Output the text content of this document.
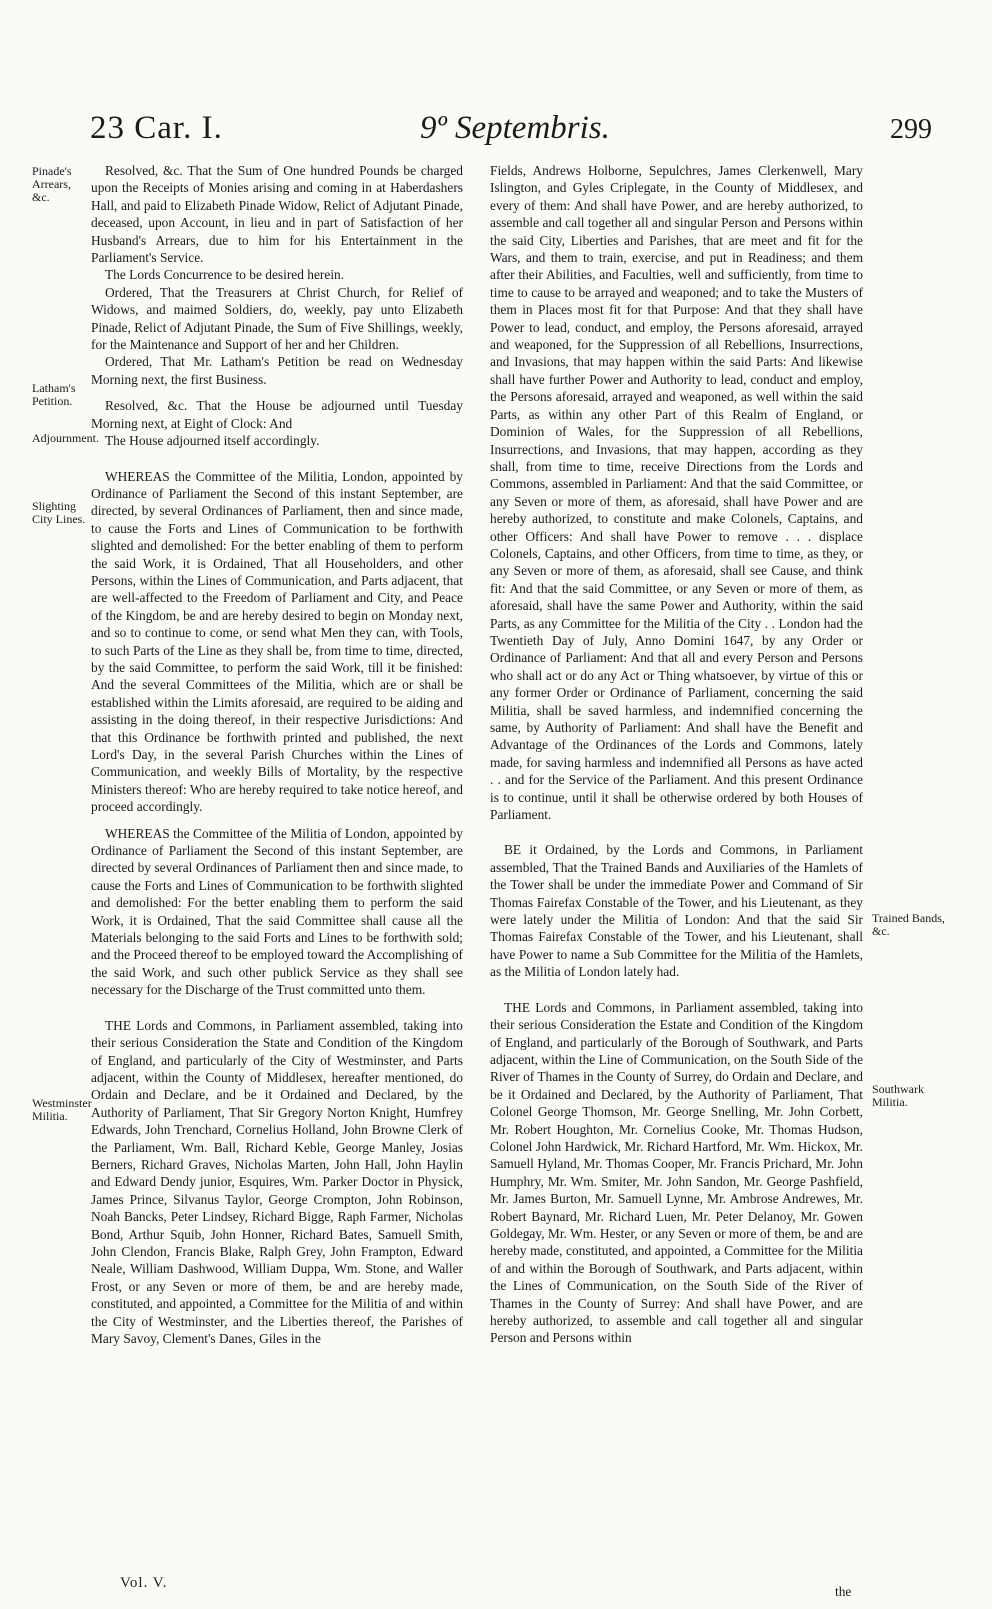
23 Car. I.	9º Septembris.	299
Pinade's Arrears, &c.
Latham's Petition.
Adjournment.
Slighting City Lines.
Westminster Militia.
Trained Bands, &c.
Southwark Militia.

Resolved, &c. That the Sum of One hundred Pounds be charged upon the Receipts of Monies arising and coming in at Haberdashers Hall, and paid to Elizabeth Pinade Widow, Relict of Adjutant Pinade, deceased, upon Account, in lieu and in part of Satisfaction of her Husband's Arrears, due to him for his Entertainment in the Parliament's Service.

The Lords Concurrence to be desired herein.

Ordered, That the Treasurers at Christ Church, for Relief of Widows, and maimed Soldiers, do, weekly, pay unto Elizabeth Pinade, Relict of Adjutant Pinade, the Sum of Five Shillings, weekly, for the Maintenance and Support of her and her Children.

Ordered, That Mr. Latham's Petition be read on Wednesday Morning next, the first Business.

Resolved, &c. That the House be adjourned until Tuesday Morning next, at Eight of Clock: And

The House adjourned itself accordingly.

WHEREAS the Committee of the Militia, London, appointed by Ordinance of Parliament the Second of this instant September, are directed, by several Ordinances of Parliament, then and since made, to cause the Forts and Lines of Communication to be forthwith slighted and demolished: For the better enabling of them to perform the said Work, it is Ordained, That all Householders, and other Persons, within the Lines of Communication, and Parts adjacent, that are well-affected to the Freedom of Parliament and City, and Peace of the Kingdom, be and are hereby desired to begin on Monday next, and so to continue to come, or send what Men they can, with Tools, to such Parts of the Line as they shall be, from time to time, directed, by the said Committee, to perform the said Work, till it be finished: And the several Committees of the Militia, which are or shall be established within the Limits aforesaid, are required to be aiding and assisting in the doing thereof, in their respective Jurisdictions: And that this Ordinance be forthwith printed and published, the next Lord's Day, in the several Parish Churches within the Lines of Communication, and weekly Bills of Mortality, by the respective Ministers thereof: Who are hereby required to take notice hereof, and proceed accordingly.

WHEREAS the Committee of the Militia of London, appointed by Ordinance of Parliament the Second of this instant September, are directed by several Ordinances of Parliament then and since made, to cause the Forts and Lines of Communication to be forthwith slighted and demolished: For the better enabling them to perform the said Work, it is Ordained, That the said Committee shall cause all the Materials belonging to the said Forts and Lines to be forthwith sold; and the Proceed thereof to be employed toward the Accomplishing of the said Work, and such other publick Service as they shall see necessary for the Discharge of the Trust committed unto them.

THE Lords and Commons, in Parliament assembled, taking into their serious Consideration the State and Condition of the Kingdom of England, and particularly of the City of Westminster, and Parts adjacent, within the County of Middlesex, hereafter mentioned, do Ordain and Declare, and be it Ordained and Declared, by the Authority of Parliament, That Sir Gregory Norton Knight, Humfrey Edwards, John Trenchard, Cornelius Holland, John Browne Clerk of the Parliament, Wm. Ball, Richard Keble, George Manley, Josias Berners, Richard Graves, Nicholas Marten, John Hall, John Haylin and Edward Dendy junior, Esquires, Wm. Parker Doctor in Physick, James Prince, Silvanus Taylor, George Crompton, John Robinson, Noah Bancks, Peter Lindsey, Richard Bigge, Raph Farmer, Nicholas Bond, Arthur Squib, John Honner, Richard Bates, Samuell Smith, John Clendon, Francis Blake, Ralph Grey, John Frampton, Edward Neale, William Dashwood, William Duppa, Wm. Stone, and Waller Frost, or any Seven or more of them, be and are hereby made, constituted, and appointed, a Committee for the Militia of and within the City of Westminster, and the Liberties thereof, the Parishes of Mary Savoy, Clement's Danes, Giles in the

Fields, Andrews Holborne, Sepulchres, James Clerkenwell, Mary Islington, and Gyles Criplegate, in the County of Middlesex, and every of them: And shall have Power, and are hereby authorized, to assemble and call together all and singular Person and Persons within the said City, Liberties and Parishes, that are meet and fit for the Wars, and them to train, exercise, and put in Readiness; and them after their Abilities, and Faculties, well and sufficiently, from time to time to cause to be arrayed and weaponed; and to take the Musters of them in Places most fit for that Purpose: And that they shall have Power to lead, conduct, and employ, the Persons aforesaid, arrayed and weaponed, for the Suppression of all Rebellions, Insurrections, and Invasions, that may happen within the said Parts: And likewise shall have further Power and Authority to lead, conduct and employ, the Persons aforesaid, arrayed and weaponed, as well within the said Parts, as within any other Part of this Realm of England, or Dominion of Wales, for the Suppression of all Rebellions, Insurrections, and Invasions, that may happen, according as they shall, from time to time, receive Directions from the Lords and Commons, assembled in Parliament: And that the said Committee, or any Seven or more of them, as aforesaid, shall have Power and are hereby authorized, to constitute and make Colonels, Captains, and other Officers: And shall have Power to remove . . . displace Colonels, Captains, and other Officers, from time to time, as they, or any Seven or more of them, as aforesaid, shall see Cause, and think fit: And that the said Committee, or any Seven or more of them, as aforesaid, shall have the same Power and Authority, within the said Parts, as any Committee for the Militia of the City . . London had the Twentieth Day of July, Anno Domini 1647, by any Order or Ordinance of Parliament: And that all and every Person and Persons who shall act or do any Act or Thing whatsoever, by virtue of this or any former Order or Ordinance of Parliament, concerning the said Militia, shall be saved harmless, and indemnified concerning the same, by Authority of Parliament: And shall have the Benefit and Advantage of the Ordinances of the Lords and Commons, lately made, for saving harmless and indemnified all Persons as have acted . . and for the Service of the Parliament. And this present Ordinance is to continue, until it shall be otherwise ordered by both Houses of Parliament.

BE it Ordained, by the Lords and Commons, in Parliament assembled, That the Trained Bands and Auxiliaries of the Hamlets of the Tower shall be under the immediate Power and Command of Sir Thomas Fairefax Constable of the Tower, and his Lieutenant, as they were lately under the Militia of London: And that the said Sir Thomas Fairefax Constable of the Tower, and his Lieutenant, shall have Power to name a Sub Committee for the Militia of the Hamlets, as the Militia of London lately had.

THE Lords and Commons, in Parliament assembled, taking into their serious Consideration the Estate and Condition of the Kingdom of England, and particularly of the Borough of Southwark, and Parts adjacent, within the Line of Communication, on the South Side of the River of Thames in the County of Surrey, do Ordain and Declare, and be it Ordained and Declared, by the Authority of Parliament, That Colonel George Thomson, Mr. George Snelling, Mr. John Corbett, Mr. Robert Houghton, Mr. Cornelius Cooke, Mr. Thomas Hudson, Colonel John Hardwick, Mr. Richard Hartford, Mr. Wm. Hickox, Mr. Samuell Hyland, Mr. Thomas Cooper, Mr. Francis Prichard, Mr. John Humphry, Mr. Wm. Smiter, Mr. John Sandon, Mr. George Pashfield, Mr. James Burton, Mr. Samuell Lynne, Mr. Ambrose Andrewes, Mr. Robert Baynard, Mr. Richard Luen, Mr. Peter Delanoy, Mr. Gowen Goldegay, Mr. Wm. Hester, or any Seven or more of them, be and are hereby made, constituted, and appointed, a Committee for the Militia of and within the Borough of Southwark, and Parts adjacent, within the Lines of Communication, on the South Side of the River of Thames in the County of Surrey: And shall have Power, and are hereby authorized, to assemble and call together all and singular Person and Persons within

Vol. V.
the
